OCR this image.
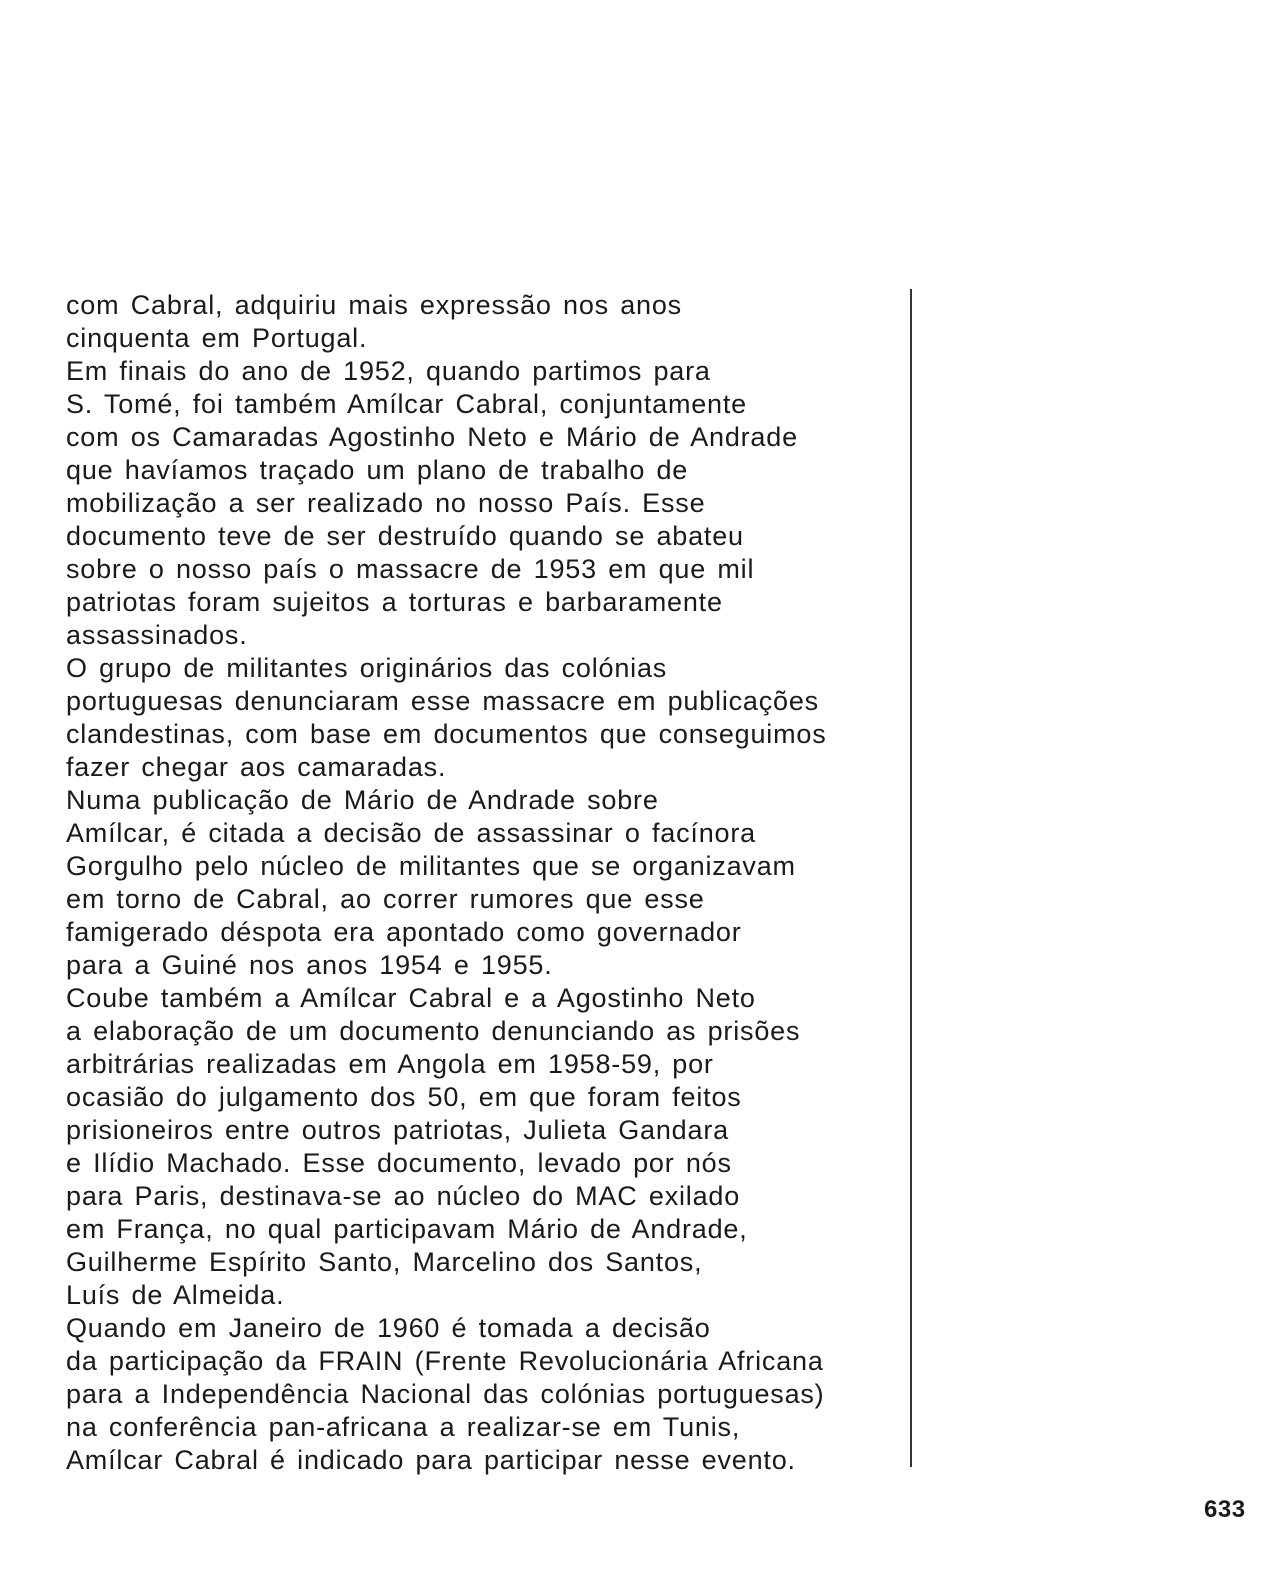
com Cabral, adquiriu mais expressão nos anos
cinquenta em Portugal.
Em finais do ano de 1952, quando partimos para
S. Tomé, foi também Amílcar Cabral, conjuntamente
com os Camaradas Agostinho Neto e Mário de Andrade
que havíamos traçado um plano de trabalho de
mobilização a ser realizado no nosso País. Esse
documento teve de ser destruído quando se abateu
sobre o nosso país o massacre de 1953 em que mil
patriotas foram sujeitos a torturas e barbaramente
assassinados.
O grupo de militantes originários das colónias
portuguesas denunciaram esse massacre em publicações
clandestinas, com base em documentos que conseguimos
fazer chegar aos camaradas.
Numa publicação de Mário de Andrade sobre
Amílcar, é citada a decisão de assassinar o facínora
Gorgulho pelo núcleo de militantes que se organizavam
em torno de Cabral, ao correr rumores que esse
famigerado déspota era apontado como governador
para a Guiné nos anos 1954 e 1955.
Coube também a Amílcar Cabral e a Agostinho Neto
a elaboração de um documento denunciando as prisões
arbitrárias realizadas em Angola em 1958-59, por
ocasião do julgamento dos 50, em que foram feitos
prisioneiros entre outros patriotas, Julieta Gandara
e Ilídio Machado. Esse documento, levado por nós
para Paris, destinava-se ao núcleo do MAC exilado
em França, no qual participavam Mário de Andrade,
Guilherme Espírito Santo, Marcelino dos Santos,
Luís de Almeida.
Quando em Janeiro de 1960 é tomada a decisão
da participação da FRAIN (Frente Revolucionária Africana
para a Independência Nacional das colónias portuguesas)
na conferência pan-africana a realizar-se em Tunis,
Amílcar Cabral é indicado para participar nesse evento.
633
